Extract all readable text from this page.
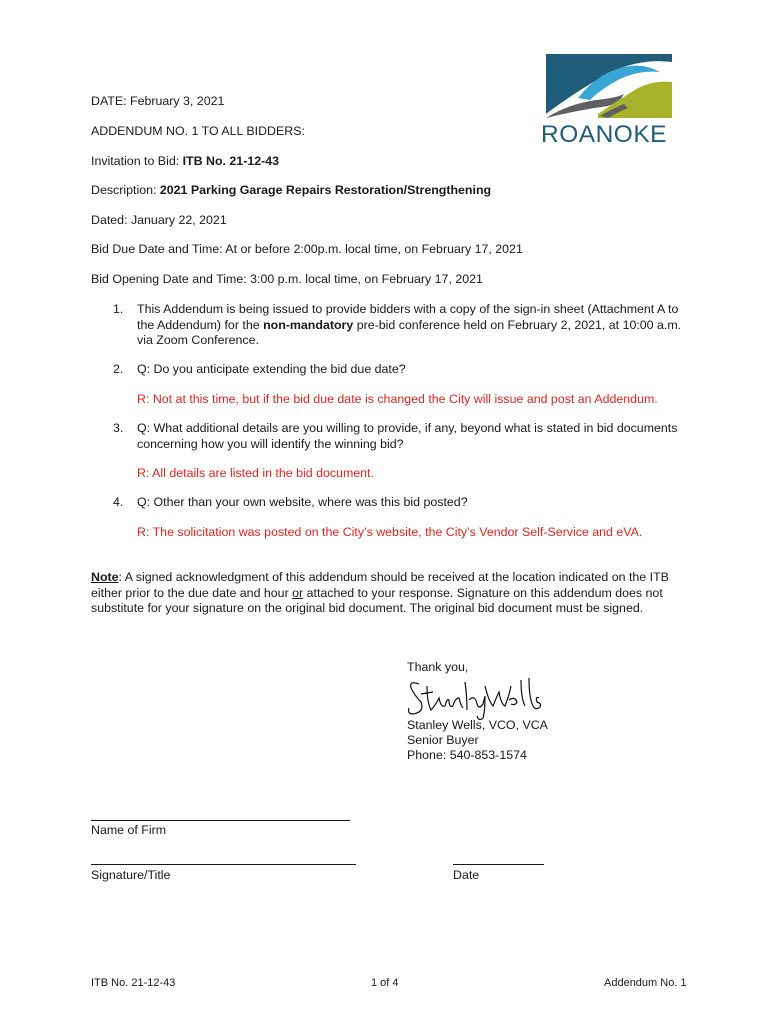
ROANOKE
DATE: February 3, 2021
ADDENDUM NO. 1 TO ALL BIDDERS:
Invitation to Bid: ITB No. 21-12-43
Description: 2021 Parking Garage Repairs Restoration/Strengthening
Dated: January 22, 2021
Bid Due Date and Time: At or before 2:00p.m. local time, on February 17, 2021
Bid Opening Date and Time: 3:00 p.m. local time, on February 17, 2021
1. This Addendum is being issued to provide bidders with a copy of the sign-in sheet (Attachment A to the Addendum) for the non-mandatory pre-bid conference held on February 2, 2021, at 10:00 a.m. via Zoom Conference.
2. Q: Do you anticipate extending the bid due date?
R: Not at this time, but if the bid due date is changed the City will issue and post an Addendum.
3. Q: What additional details are you willing to provide, if any, beyond what is stated in bid documents concerning how you will identify the winning bid?
R: All details are listed in the bid document.
4. Q: Other than your own website, where was this bid posted?
R: The solicitation was posted on the City’s website, the City’s Vendor Self-Service and eVA.
Note: A signed acknowledgment of this addendum should be received at the location indicated on the ITB either prior to the due date and hour or attached to your response. Signature on this addendum does not substitute for your signature on the original bid document. The original bid document must be signed.
Thank you,
Stanley Wells, VCO, VCA
Senior Buyer
Phone: 540-853-1574
Name of Firm
Signature/Title	Date
ITB No. 21-12-43	1 of 4	Addendum No. 1
